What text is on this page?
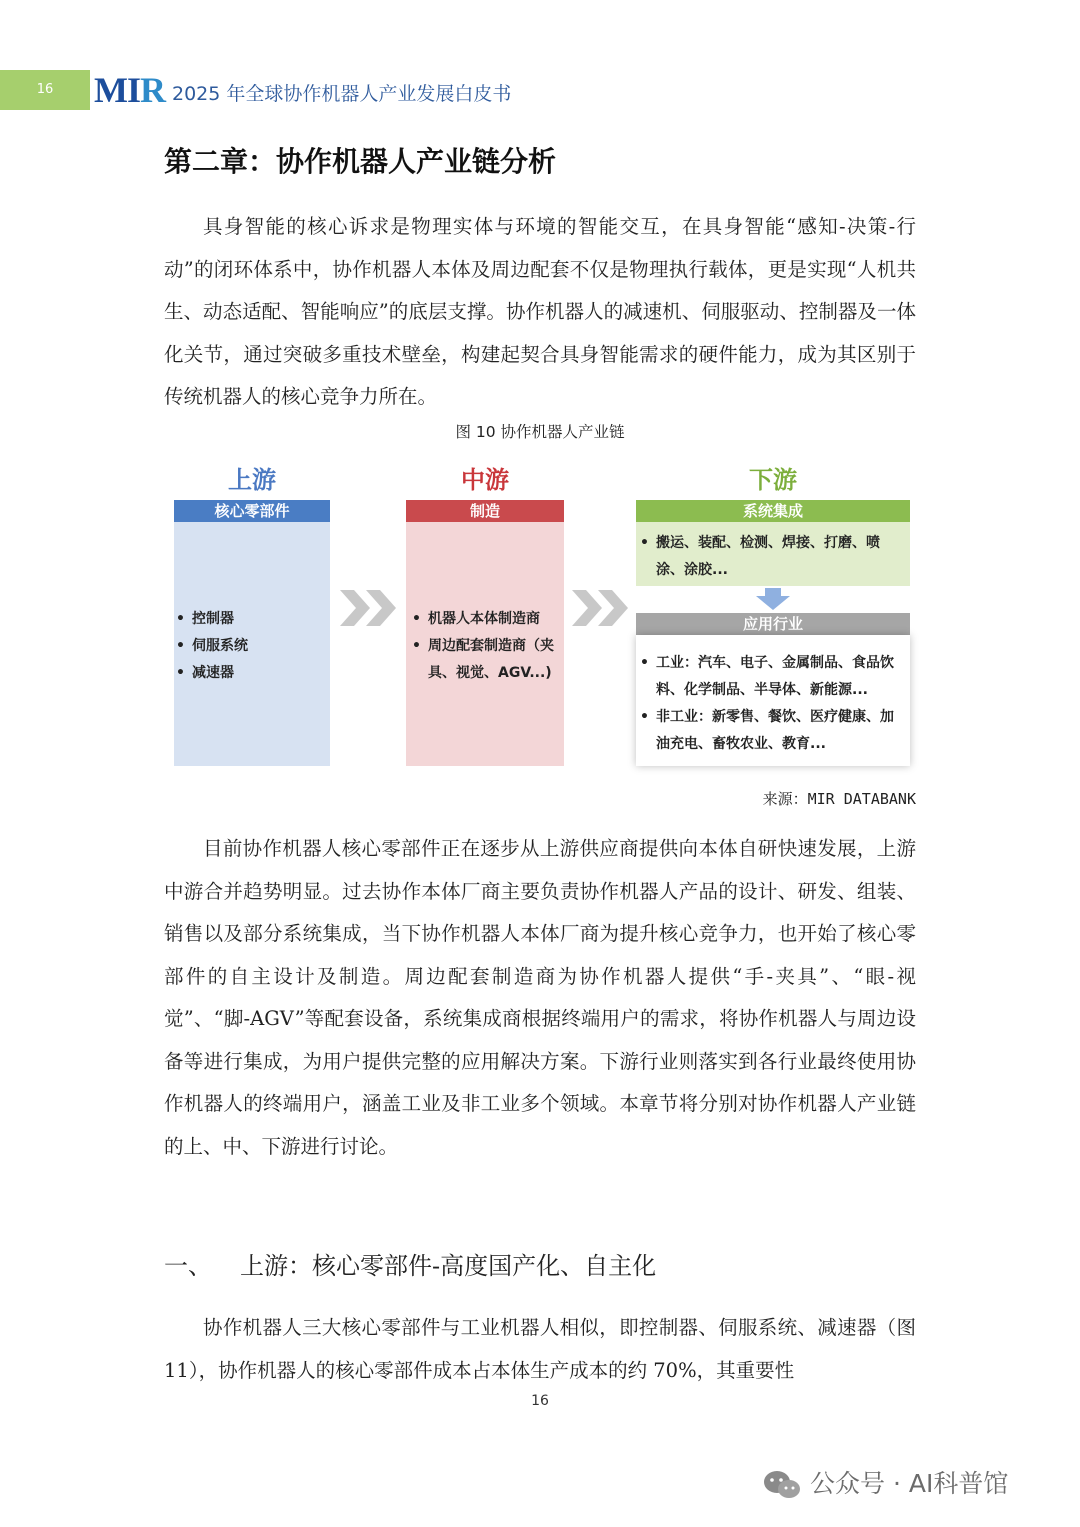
16	MIR 2025 年全球协作机器人产业发展白皮书
第二章：协作机器人产业链分析
具身智能的核心诉求是物理实体与环境的智能交互，在具身智能“感知-决策-行动”的闭环体系中，协作机器人本体及周边配套不仅是物理执行载体，更是实现“人机共生、动态适配、智能响应”的底层支撑。协作机器人的减速机、伺服驱动、控制器及一体化关节，通过突破多重技术壁垒，构建起契合具身智能需求的硬件能力，成为其区别于传统机器人的核心竞争力所在。
图 10 协作机器人产业链
上游
核心零部件
• 控制器
• 伺服系统
• 减速器
中游
制造
• 机器人本体制造商
• 周边配套制造商（夹具、视觉、AGV...)
下游
系统集成
• 搬运、装配、检测、焊接、打磨、喷涂、涂胶...
应用行业
• 工业：汽车、电子、金属制品、食品饮料、化学制品、半导体、新能源...
• 非工业：新零售、餐饮、医疗健康、加油充电、畜牧农业、教育...
来源：MIR DATABANK
目前协作机器人核心零部件正在逐步从上游供应商提供向本体自研快速发展，上游中游合并趋势明显。过去协作本体厂商主要负责协作机器人产品的设计、研发、组装、销售以及部分系统集成，当下协作机器人本体厂商为提升核心竞争力，也开始了核心零部件的自主设计及制造。周边配套制造商为协作机器人提供“手-夹具”、“眼-视觉”、“脚-AGV”等配套设备，系统集成商根据终端用户的需求，将协作机器人与周边设备等进行集成，为用户提供完整的应用解决方案。下游行业则落实到各行业最终使用协作机器人的终端用户，涵盖工业及非工业多个领域。本章节将分别对协作机器人产业链的上、中、下游进行讨论。
一、 上游：核心零部件-高度国产化、自主化
协作机器人三大核心零部件与工业机器人相似，即控制器、伺服系统、减速器（图 11），协作机器人的核心零部件成本占本体生产成本的约 70%，其重要性
16
公众号 · AI科普馆
